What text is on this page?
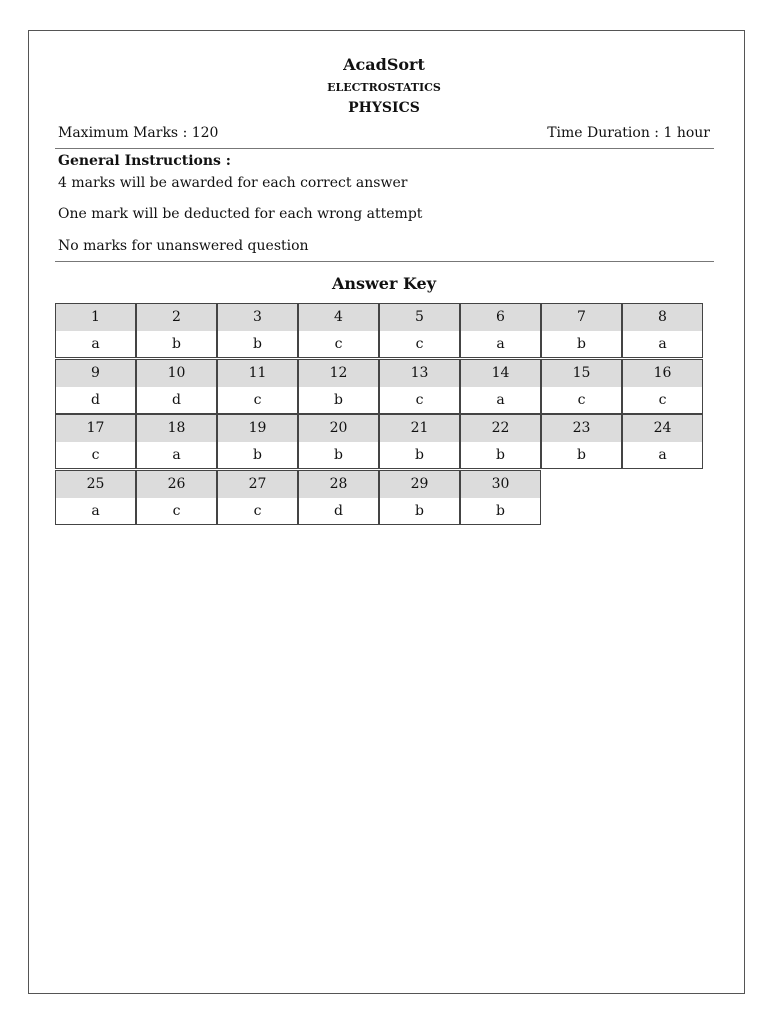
AcadSort
ELECTROSTATICS
PHYSICS
Maximum Marks : 120	Time Duration : 1 hour
General Instructions :
4 marks will be awarded for each correct answer
One mark will be deducted for each wrong attempt
No marks for unanswered question
Answer Key
1
a
2
b
3
b
4
c
5
c
6
a
7
b
8
a
9
d
10
d
11
c
12
b
13
c
14
a
15
c
16
c
17
c
18
a
19
b
20
b
21
b
22
b
23
b
24
a
25
a
26
c
27
c
28
d
29
b
30
b
